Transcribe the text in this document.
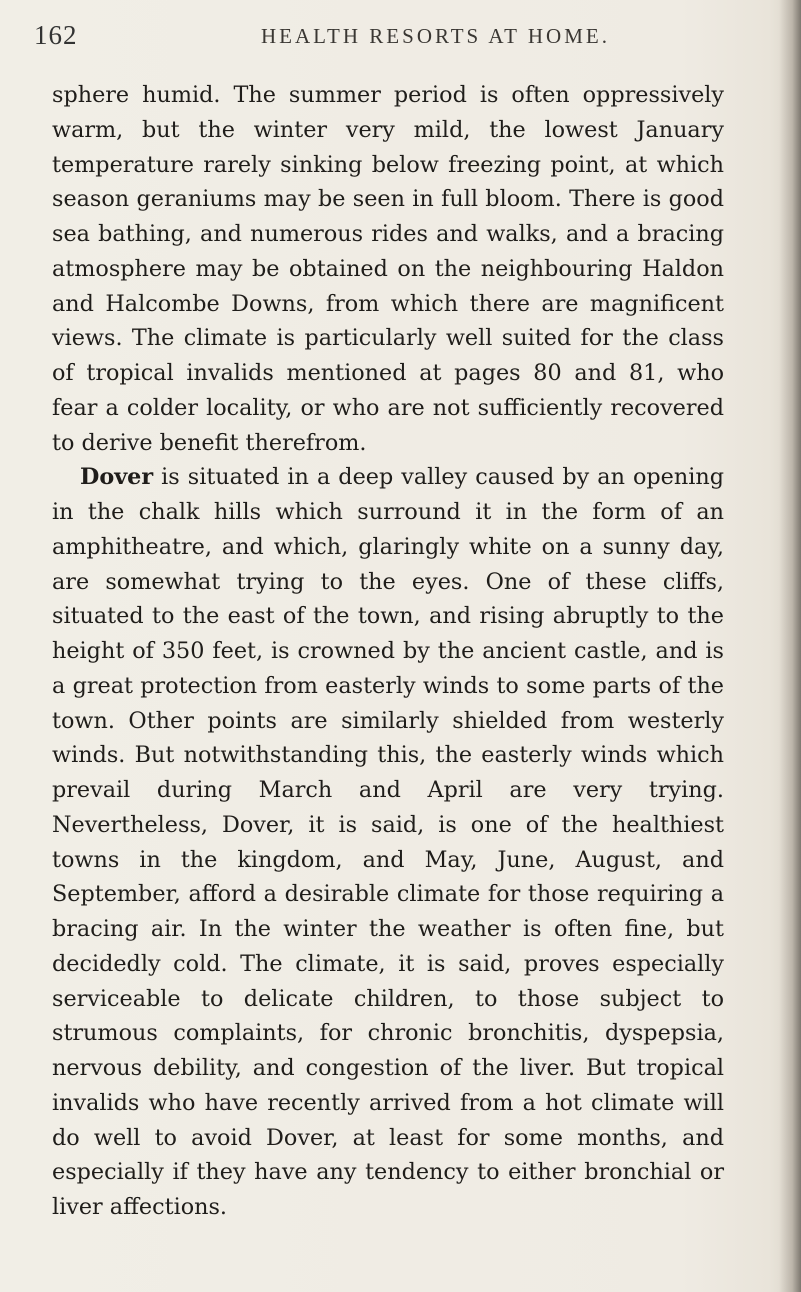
162	HEALTH RESORTS AT HOME.

sphere humid. The summer period is often oppressively warm, but the winter very mild, the lowest January temperature rarely sinking below freezing point, at which season geraniums may be seen in full bloom. There is good sea bathing, and numerous rides and walks, and a bracing atmosphere may be obtained on the neighbouring Haldon and Halcombe Downs, from which there are magnificent views. The climate is particularly well suited for the class of tropical invalids mentioned at pages 80 and 81, who fear a colder locality, or who are not sufficiently recovered to derive benefit therefrom.

Dover is situated in a deep valley caused by an opening in the chalk hills which surround it in the form of an amphitheatre, and which, glaringly white on a sunny day, are somewhat trying to the eyes. One of these cliffs, situated to the east of the town, and rising abruptly to the height of 350 feet, is crowned by the ancient castle, and is a great protection from easterly winds to some parts of the town. Other points are similarly shielded from westerly winds. But notwithstanding this, the easterly winds which prevail during March and April are very trying. Nevertheless, Dover, it is said, is one of the healthiest towns in the kingdom, and May, June, August, and September, afford a desirable climate for those requiring a bracing air. In the winter the weather is often fine, but decidedly cold. The climate, it is said, proves especially serviceable to delicate children, to those subject to strumous complaints, for chronic bronchitis, dyspepsia, nervous debility, and congestion of the liver. But tropical invalids who have recently arrived from a hot climate will do well to avoid Dover, at least for some months, and especially if they have any tendency to either bronchial or liver affections.
